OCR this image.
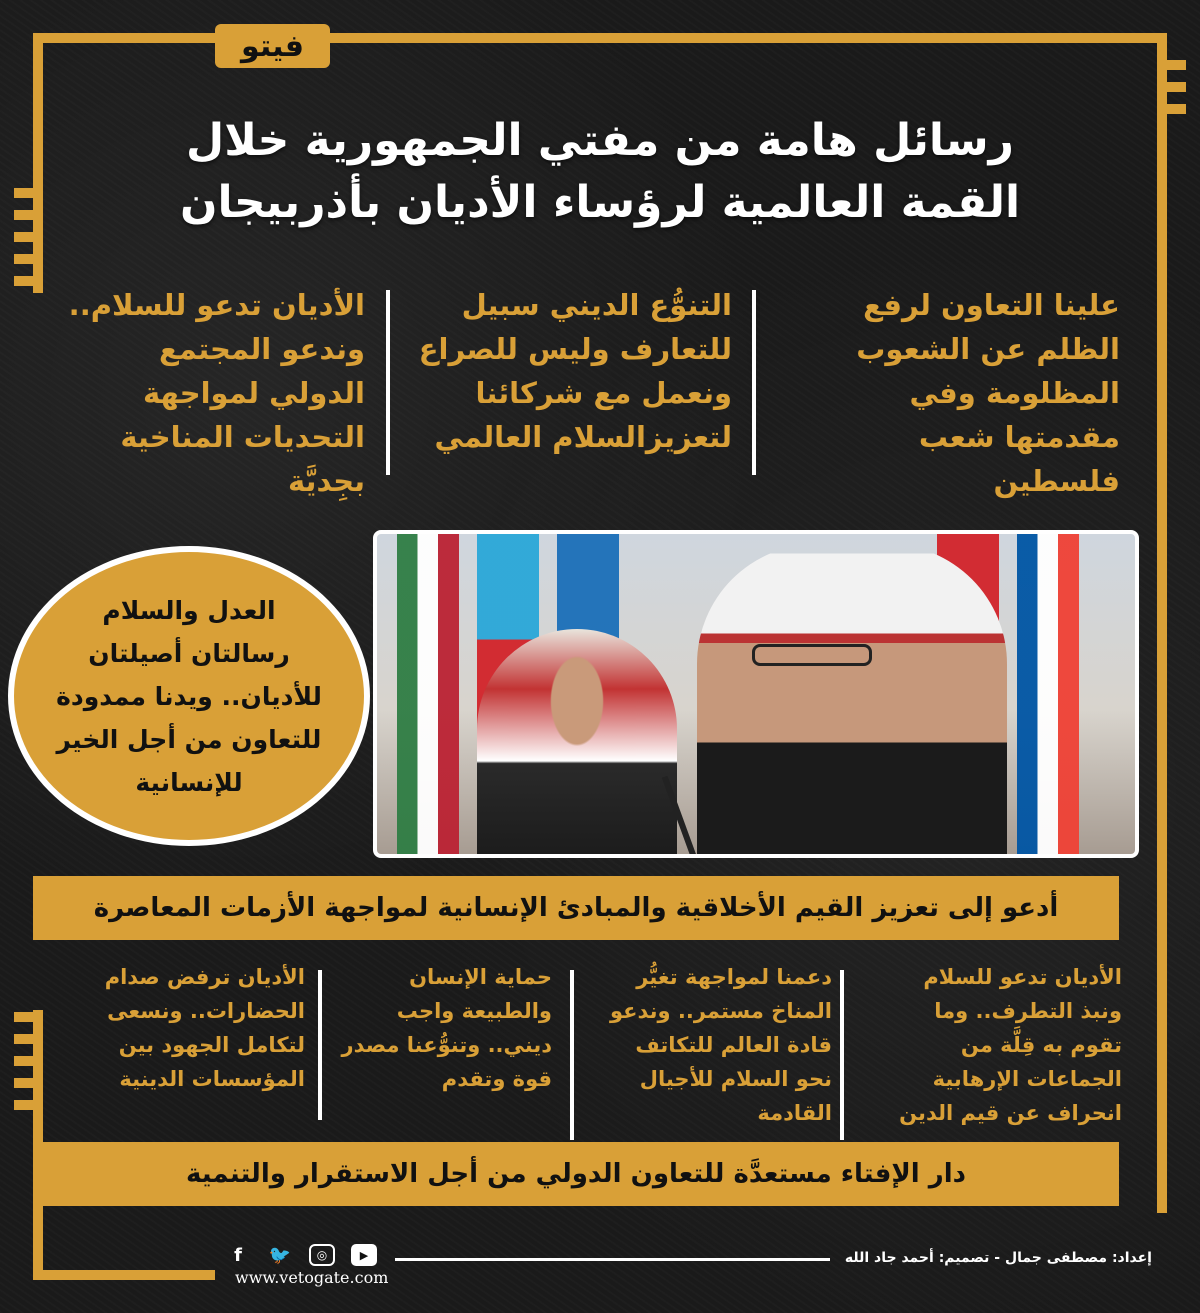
فيتو
رسائل هامة من مفتي الجمهورية خلال
القمة العالمية لرؤساء الأديان بأذربيجان
علينا التعاون لرفع
الظلم عن الشعوب
المظلومة وفي
مقدمتها شعب
فلسطين
التنوُّع الديني سبيل
للتعارف وليس للصراع
ونعمل مع شركائنا
لتعزيزالسلام العالمي
الأديان تدعو للسلام..
وندعو المجتمع
الدولي لمواجهة
التحديات المناخية
بجِديَّة
العدل والسلام
رسالتان أصيلتان
للأديان.. ويدنا ممدودة
للتعاون من أجل الخير
للإنسانية
أدعو إلى تعزيز القيم الأخلاقية والمبادئ الإنسانية لمواجهة الأزمات المعاصرة
الأديان تدعو للسلام
ونبذ التطرف.. وما
تقوم به قِلَّة من
الجماعات الإرهابية
انحراف عن قيم الدين
دعمنا لمواجهة تغيُّر
المناخ مستمر.. وندعو
قادة العالم للتكاتف
نحو السلام للأجيال
القادمة
حماية الإنسان
والطبيعة واجب
ديني.. وتنوُّعنا مصدر
قوة وتقدم
الأديان ترفض صدام
الحضارات.. ونسعى
لتكامل الجهود بين
المؤسسات الدينية
دار الإفتاء مستعدَّة للتعاون الدولي من أجل الاستقرار والتنمية
f	🐦	◎	▶
www.vetogate.com
إعداد: مصطفى جمال - تصميم: أحمد جاد الله
